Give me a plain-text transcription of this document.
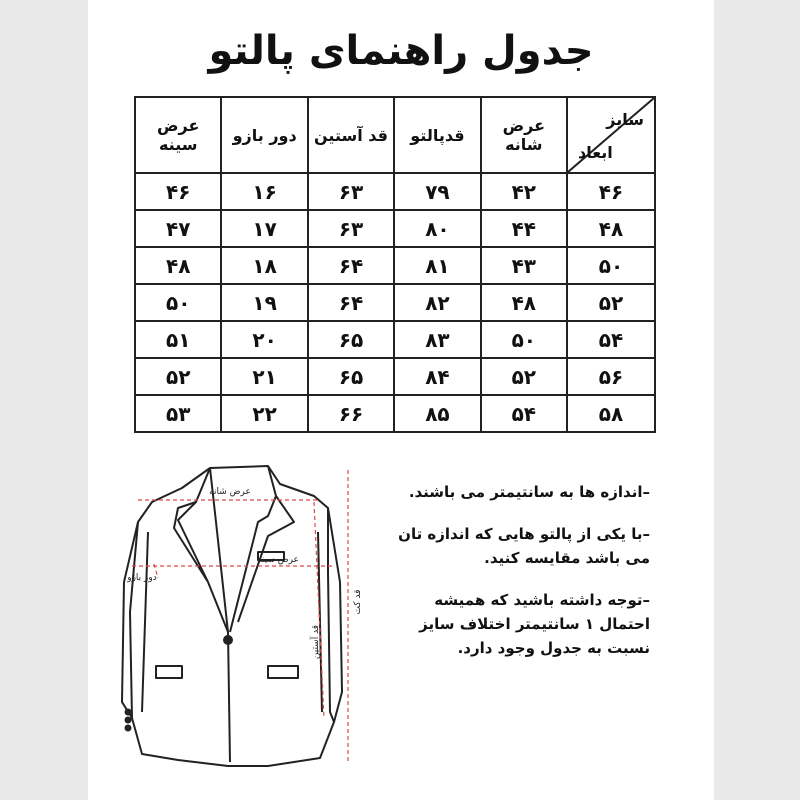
جدول راهنمای پالتو
سایز
ابعاد	عرض شانه	قدپالتو	قد آستین	دور بازو	عرض سینه
۴۶	۴۲	۷۹	۶۳	۱۶	۴۶
۴۸	۴۴	۸۰	۶۳	۱۷	۴۷
۵۰	۴۳	۸۱	۶۴	۱۸	۴۸
۵۲	۴۸	۸۲	۶۴	۱۹	۵۰
۵۴	۵۰	۸۳	۶۵	۲۰	۵۱
۵۶	۵۲	۸۴	۶۵	۲۱	۵۲
۵۸	۵۴	۸۵	۶۶	۲۲	۵۳
عرض شانه
عرض سینه
دور بازو
قد آستین
قد کت

–اندازه ها به سانتیمتر می باشند.

–با یکی از پالتو هایی که اندازه تان می باشد مقایسه کنید.

–توجه داشته باشید که همیشه احتمال ۱ سانتیمتر اختلاف سایز نسبت به جدول وجود دارد.
